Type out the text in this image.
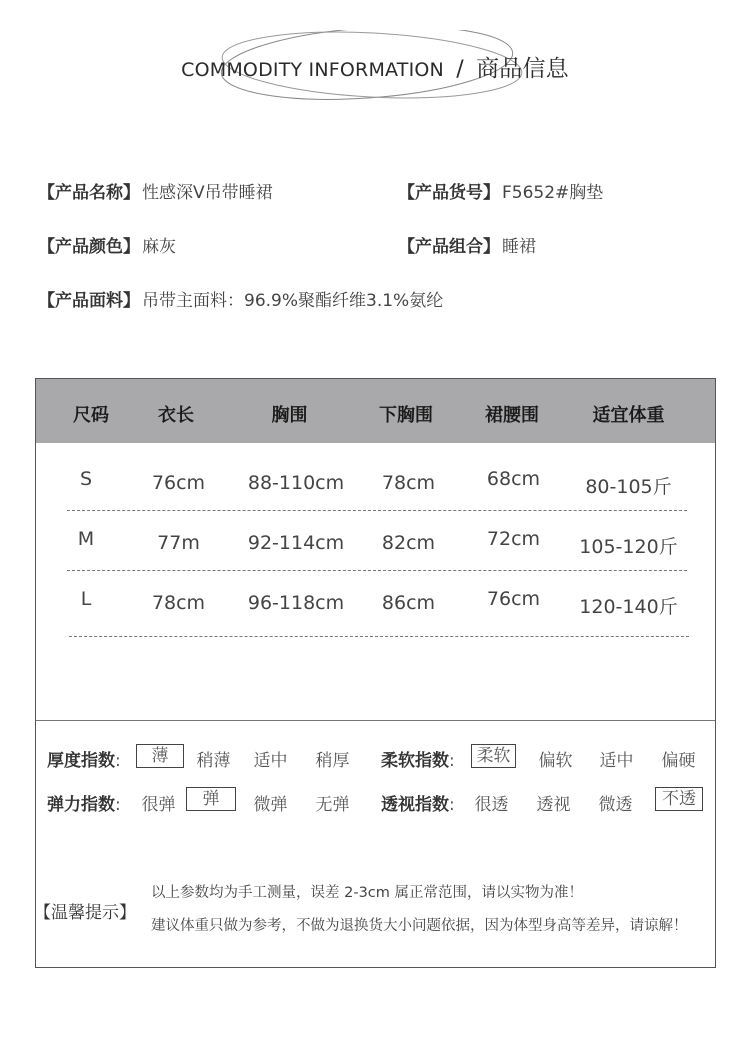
COMMODITY INFORMATION / 商品信息
【产品名称】 性感深V吊带睡裙	【产品货号】 F5652#胸垫
【产品颜色】 麻灰	【产品组合】 睡裙
【产品面料】 吊带主面料：96.9%聚酯纤维3.1%氨纶
尺码	衣长	胸围	下胸围	裙腰围	适宜体重
S	76cm	88-110cm	78cm	68cm	80-105斤
M	77m	92-114cm	82cm	72cm	105-120斤
L	78cm	96-118cm	86cm	76cm	120-140斤
厚度指数:	薄	稍薄	适中	稍厚	柔软指数:	柔软	偏软	适中	偏硬
弹力指数:	很弹	弹	微弹	无弹	透视指数:	很透	透视	微透	不透
【温馨提示】
以上参数均为手工测量，误差 2-3cm 属正常范围，请以实物为准！
建议体重只做为参考，不做为退换货大小问题依据，因为体型身高等差异，请谅解！
